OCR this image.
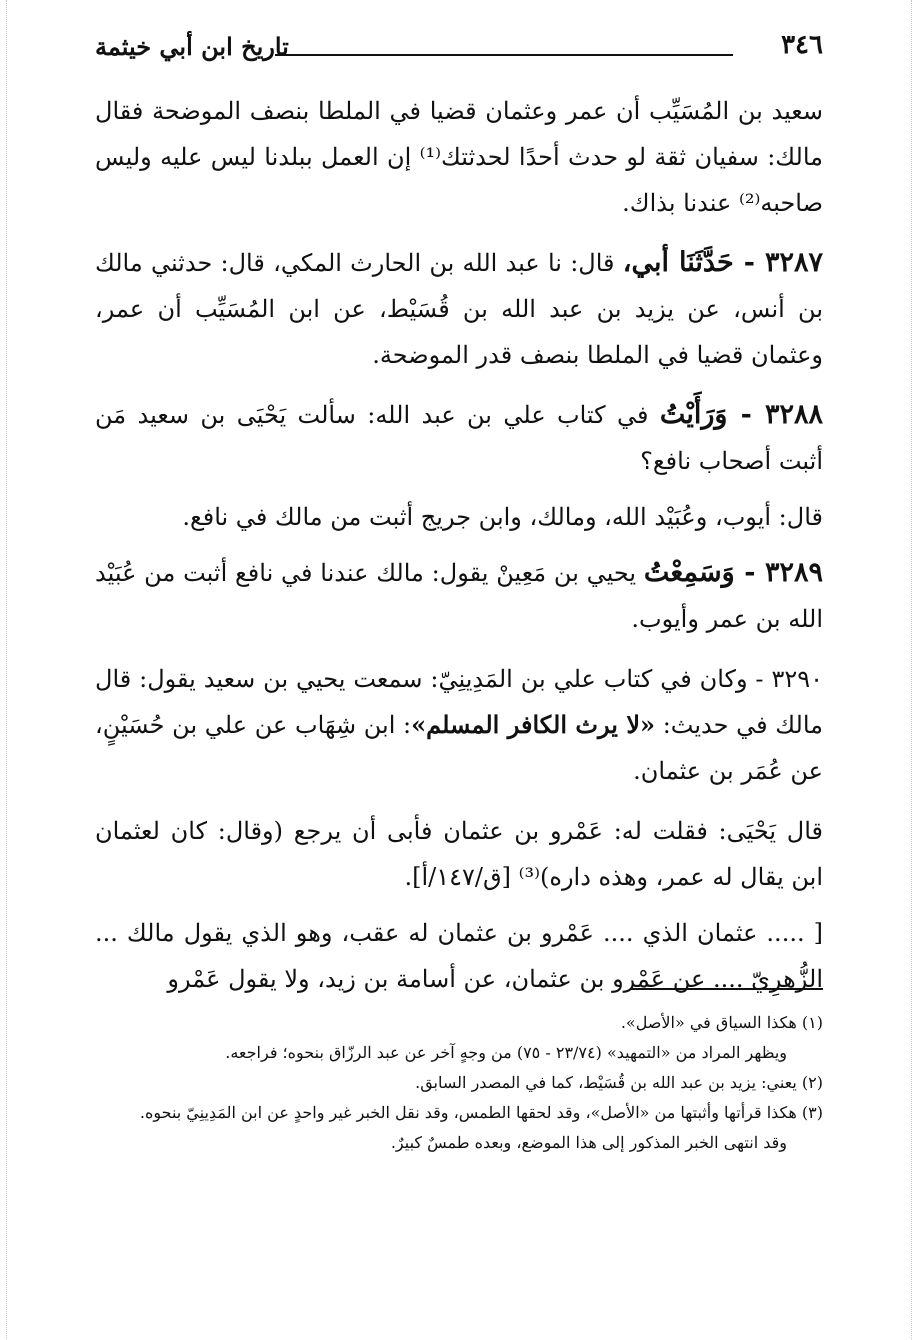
٣٤٦
تاريخ ابن أبي خيثمة

سعيد بن المُسَيِّب أن عمر وعثمان قضيا في الملطا بنصف الموضحة فقال مالك: سفيان ثقة لو حدث أحدًا لحدثتك⁽¹⁾ إن العمل ببلدنا ليس عليه وليس صاحبه⁽²⁾ عندنا بذاك.

٣٢٨٧ - حَدَّثَنَا أبي، قال: نا عبد الله بن الحارث المكي، قال: حدثني مالك بن أنس، عن يزيد بن عبد الله بن قُسَيْط، عن ابن المُسَيِّب أن عمر، وعثمان قضيا في الملطا بنصف قدر الموضحة.

٣٢٨٨ - وَرَأَيْتُ في كتاب علي بن عبد الله: سألت يَحْيَى بن سعيد مَن أثبت أصحاب نافع؟

قال: أيوب، وعُبَيْد الله، ومالك، وابن جريج أثبت من مالك في نافع.

٣٢٨٩ - وَسَمِعْتُ يحيي بن مَعِينْ يقول: مالك عندنا في نافع أثبت من عُبَيْد الله بن عمر وأيوب.

٣٢٩٠ - وكان في كتاب علي بن المَدِينِيّ: سمعت يحيي بن سعيد يقول: قال مالك في حديث: «لا يرث الكافر المسلم»: ابن شِهَاب عن علي بن حُسَيْنٍ، عن عُمَر بن عثمان.

قال يَحْيَى: فقلت له: عَمْرو بن عثمان فأبى أن يرجع (وقال: كان لعثمان ابن يقال له عمر، وهذه داره)⁽³⁾ [ق/١٤٧/أ].

[ ..... عثمان الذي .... عَمْرو بن عثمان له عقب، وهو الذي يقول مالك ... الزُّهرِيّ .... عن عَمْرو بن عثمان، عن أسامة بن زيد، ولا يقول عَمْرو

(١) هكذا السياق في «الأصل».

ويظهر المراد من «التمهيد» (٢٣/٧٤ - ٧٥) من وجهٍ آخر عن عبد الرزّاق بنحوه؛ فراجعه.

(٢) يعني: يزيد بن عبد الله بن قُسَيْط، كما في المصدر السابق.

(٣) هكذا قرأتها وأثبتها من «الأصل»، وقد لحقها الطمس، وقد نقل الخبر غير واحدٍ عن ابن المَدِينِيّ بنحوه.

وقد انتهى الخبر المذكور إلى هذا الموضع، وبعده طمسٌ كبيرٌ.
